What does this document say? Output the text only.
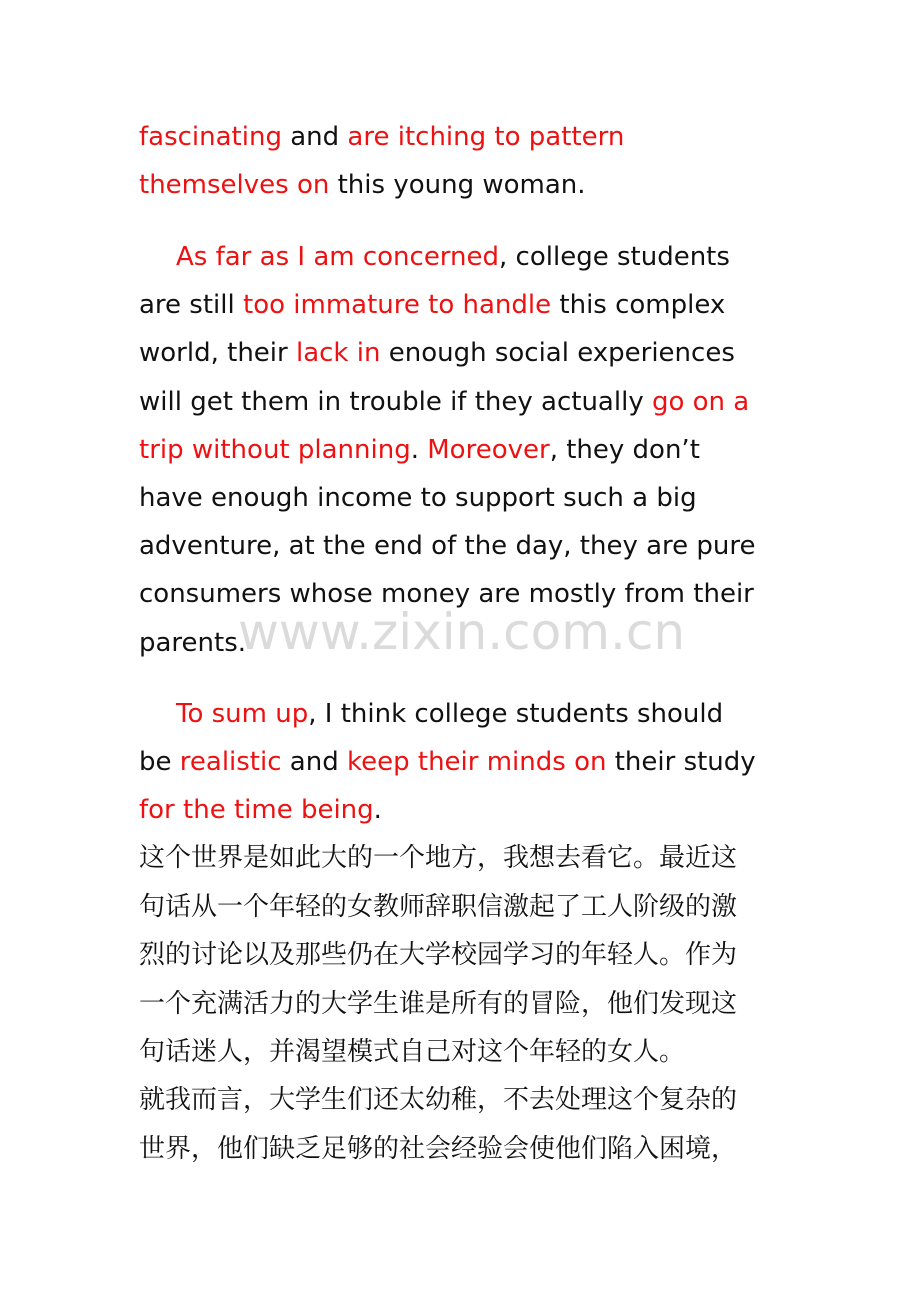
fascinating and are itching to pattern
themselves on this young woman.
As far as I am concerned, college students
are still too immature to handle this complex
world, their lack in enough social experiences
will get them in trouble if they actually go on a
trip without planning. Moreover, they don’t
have enough income to support such a big
adventure, at the end of the day, they are pure
consumers whose money are mostly from their
parents.
To sum up, I think college students should
be realistic and keep their minds on their study
for the time being.
这个世界是如此大的一个地方，我想去看它。最近这
句话从一个年轻的女教师辞职信激起了工人阶级的激
烈的讨论以及那些仍在大学校园学习的年轻人。作为
一个充满活力的大学生谁是所有的冒险，他们发现这
句话迷人，并渴望模式自己对这个年轻的女人。
就我而言，大学生们还太幼稚，不去处理这个复杂的
世界，他们缺乏足够的社会经验会使他们陷入困境，
www.zixin.com.cn
